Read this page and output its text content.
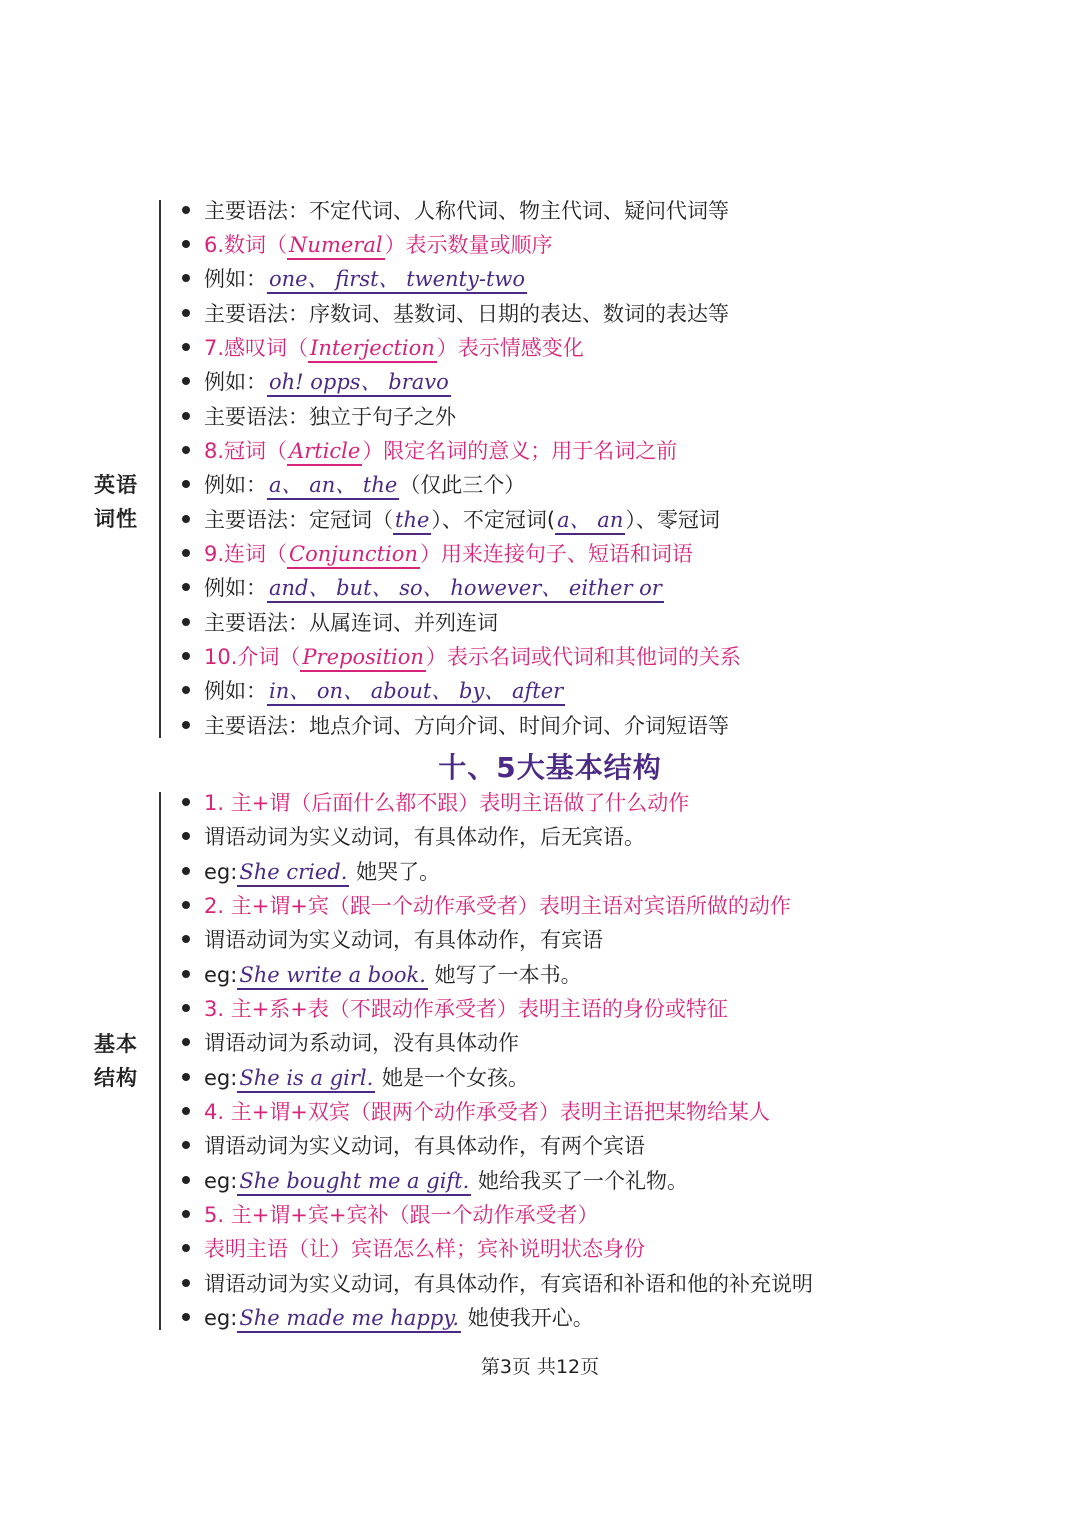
英语
词性
主要语法：不定代词、人称代词、物主代词、疑问代词等
6.数词（Numeral）表示数量或顺序
例如：one、 first、 twenty-two
主要语法：序数词、基数词、日期的表达、数词的表达等
7.感叹词（Interjection）表示情感变化
例如：oh! opps、 bravo
主要语法：独立于句子之外
8.冠词（Article）限定名词的意义；用于名词之前
例如：a、 an、 the（仅此三个）
主要语法：定冠词（the）、不定冠词(a、 an）、零冠词
9.连词（Conjunction）用来连接句子、短语和词语
例如：and、 but、 so、 however、 either or
主要语法：从属连词、并列连词
10.介词（Preposition）表示名词或代词和其他词的关系
例如：in、 on、 about、 by、 after
主要语法：地点介词、方向介词、时间介词、介词短语等
十、5大基本结构
基本
结构
1. 主+谓（后面什么都不跟）表明主语做了什么动作
谓语动词为实义动词，有具体动作，后无宾语。
eg:She cried. 她哭了。
2. 主+谓+宾（跟一个动作承受者）表明主语对宾语所做的动作
谓语动词为实义动词，有具体动作，有宾语
eg:She write a book. 她写了一本书。
3. 主+系+表（不跟动作承受者）表明主语的身份或特征
谓语动词为系动词，没有具体动作
eg:She is a girl. 她是一个女孩。
4. 主+谓+双宾（跟两个动作承受者）表明主语把某物给某人
谓语动词为实义动词，有具体动作，有两个宾语
eg:She bought me a gift. 她给我买了一个礼物。
5. 主+谓+宾+宾补（跟一个动作承受者）
表明主语（让）宾语怎么样；宾补说明状态身份
谓语动词为实义动词，有具体动作，有宾语和补语和他的补充说明
eg:She made me happy. 她使我开心。
第3页 共12页
